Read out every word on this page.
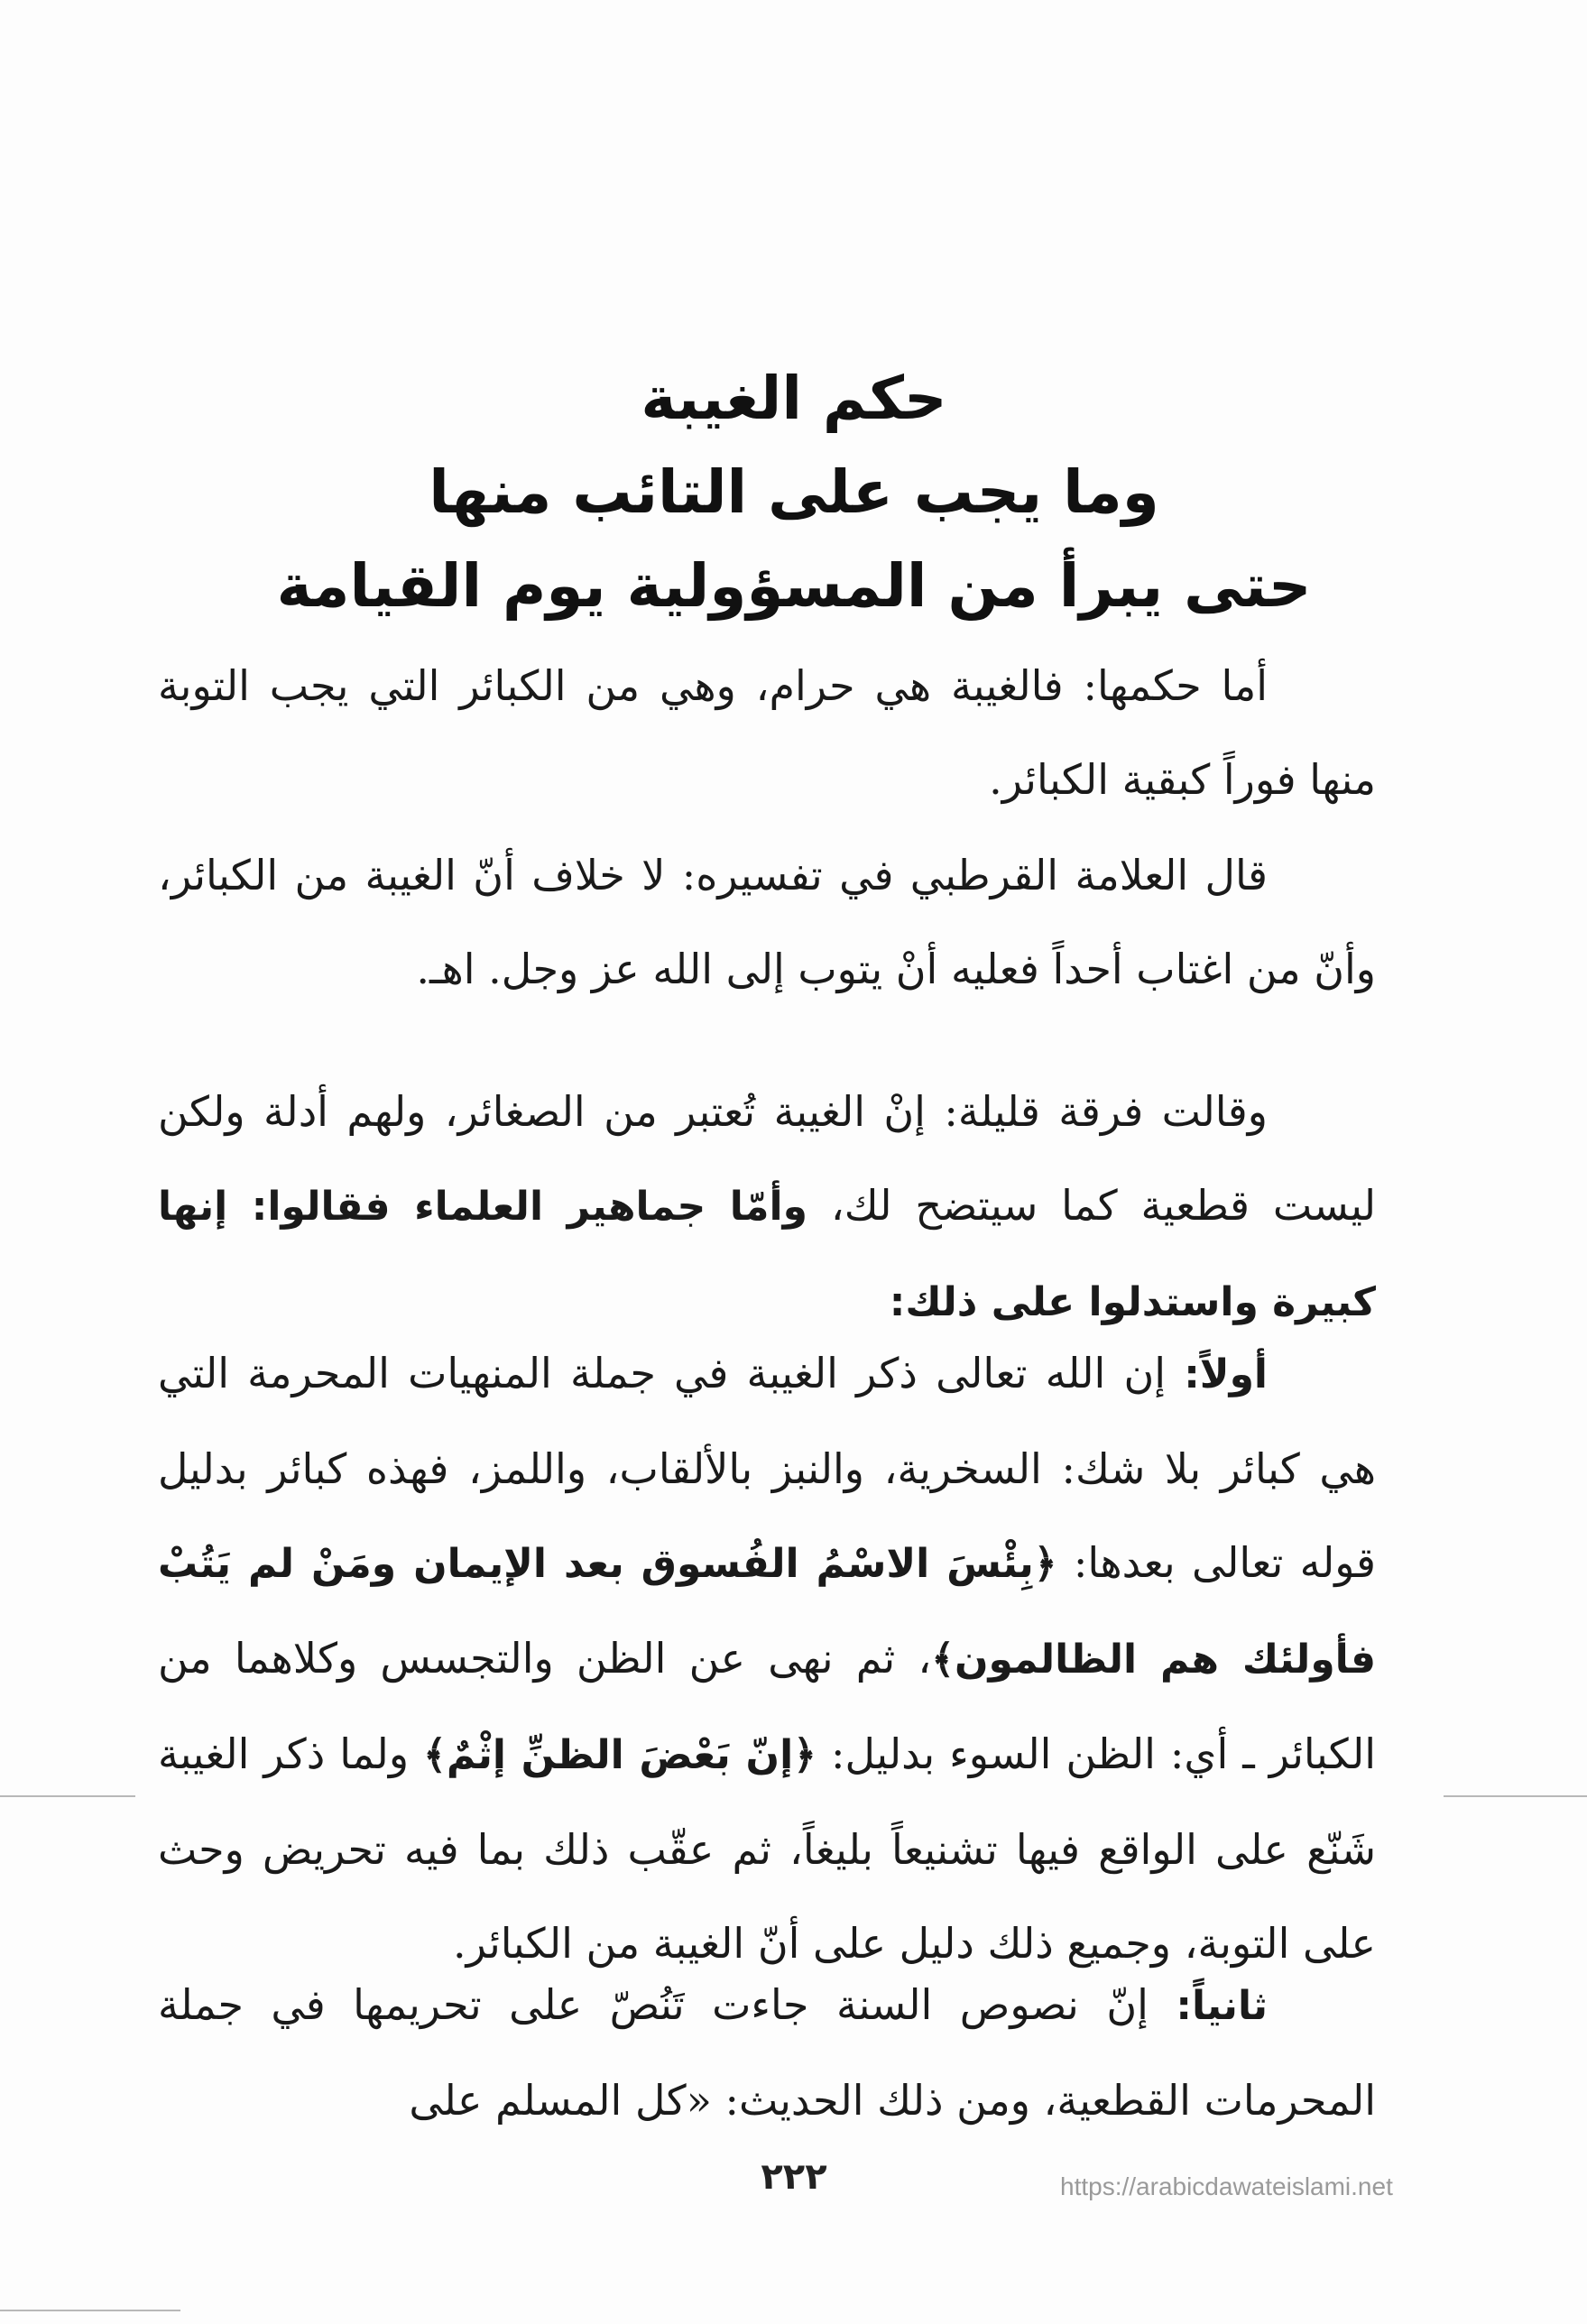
حكم الغيبة
وما يجب على التائب منها
حتى يبرأ من المسؤولية يوم القيامة

أما حكمها: فالغيبة هي حرام، وهي من الكبائر التي يجب التوبة منها فوراً كبقية الكبائر.

قال العلامة القرطبي في تفسيره: لا خلاف أنّ الغيبة من الكبائر، وأنّ من اغتاب أحداً فعليه أنْ يتوب إلى الله عز وجل. اهـ.

وقالت فرقة قليلة: إنْ الغيبة تُعتبر من الصغائر، ولهم أدلة ولكن ليست قطعية كما سيتضح لك، وأمّا جماهير العلماء فقالوا: إنها كبيرة واستدلوا على ذلك:

أولاً: إن الله تعالى ذكر الغيبة في جملة المنهيات المحرمة التي هي كبائر بلا شك: السخرية، والنبز بالألقاب، واللمز، فهذه كبائر بدليل قوله تعالى بعدها: ﴿بِئْسَ الاسْمُ الفُسوق بعد الإيمان ومَنْ لم يَتُبْ فأولئك هم الظالمون﴾، ثم نهى عن الظن والتجسس وكلاهما من الكبائر ـ أي: الظن السوء بدليل: ﴿إنّ بَعْضَ الظنِّ إثْمٌ﴾ ولما ذكر الغيبة شَنّع على الواقع فيها تشنيعاً بليغاً، ثم عقّب ذلك بما فيه تحريض وحث على التوبة، وجميع ذلك دليل على أنّ الغيبة من الكبائر.

ثانياً: إنّ نصوص السنة جاءت تَنُصّ على تحريمها في جملة المحرمات القطعية، ومن ذلك الحديث: «كل المسلم على

٢٢٢	https://arabicdawateislami.net
